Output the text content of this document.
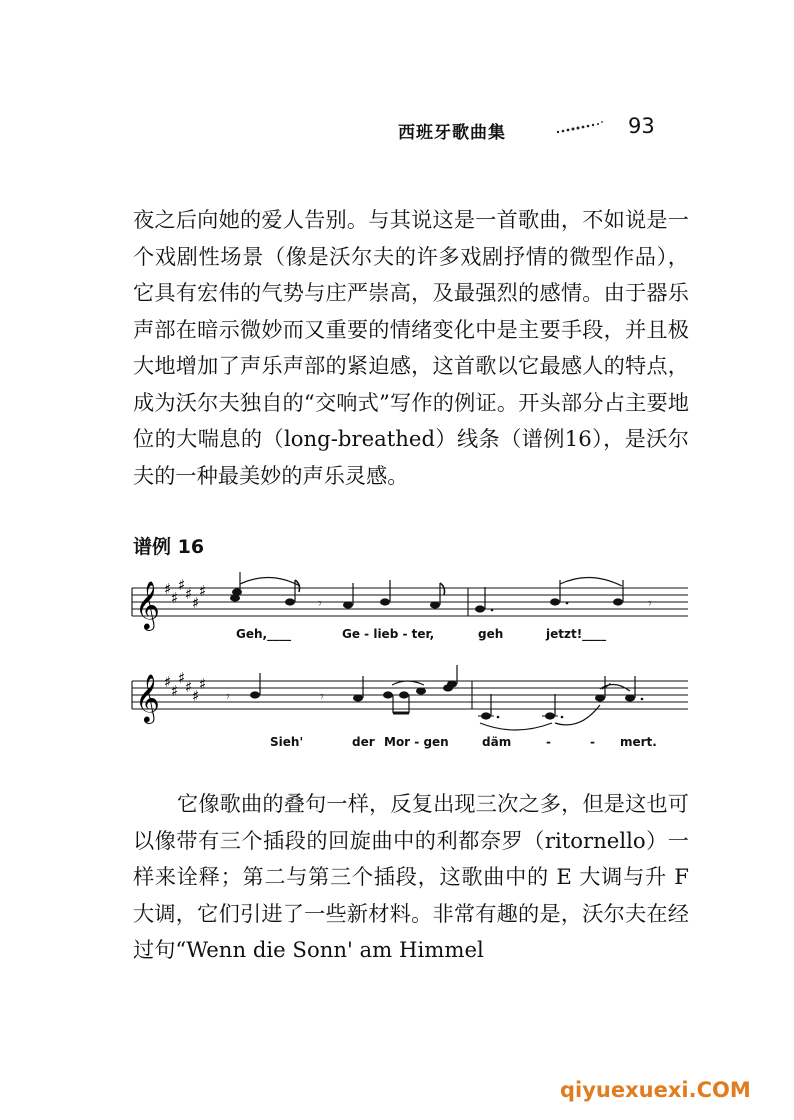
西班牙歌曲集	93

夜之后向她的爱人告别。与其说这是一首歌曲，不如说是一个戏剧性场景（像是沃尔夫的许多戏剧抒情的微型作品），它具有宏伟的气势与庄严崇高，及最强烈的感情。由于器乐声部在暗示微妙而又重要的情绪变化中是主要手段，并且极大地增加了声乐声部的紧迫感，这首歌以它最感人的特点，成为沃尔夫独自的“交响式”写作的例证。开头部分占主要地位的大喘息的（long-breathed）线条（谱例16），是沃尔夫的一种最美妙的声乐灵感。

谱例 16
𝄞 ♯ ♯
♯ ♯ ♯
♯
𝄾	𝄾
Geh,____	Ge - lieb - ter,	geh	jetzt!____
𝄞 ♯ ♯
♯ ♯ ♯
♯
𝄾	𝄾
Sieh'	der Mor - gen	däm	-	- mert.

它像歌曲的叠句一样，反复出现三次之多，但是这也可以像带有三个插段的回旋曲中的利都奈罗（ritornello）一样来诠释；第二与第三个插段，这歌曲中的 E 大调与升 F 大调，它们引进了一些新材料。非常有趣的是，沃尔夫在经过句“Wenn die Sonn' am Himmel

qiyuexuexi.COM
